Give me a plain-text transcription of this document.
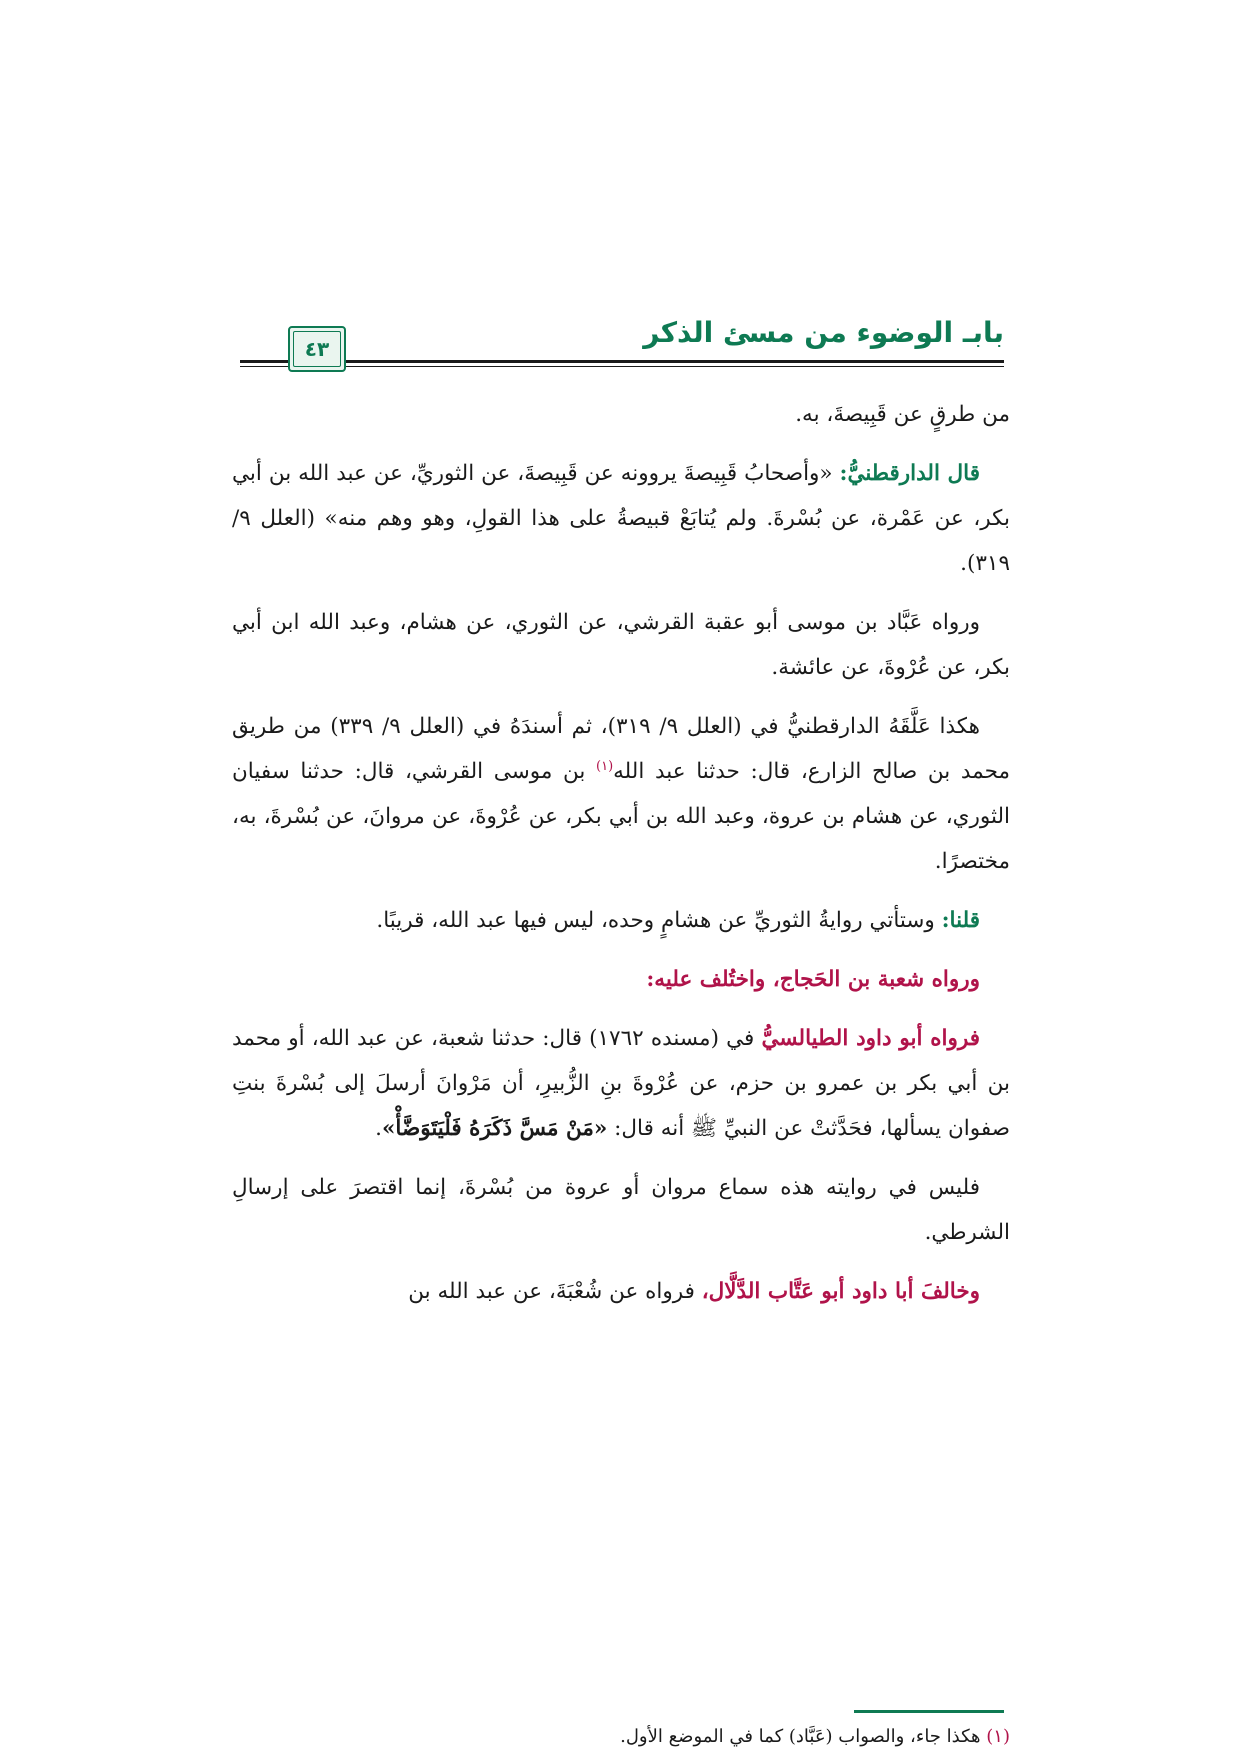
بابـ الوضوء من مسئ الذكر
٤٣

من طرقٍ عن قَبِيصةَ، به.

قال الدارقطنيُّ: «وأصحابُ قَبِيصةَ يروونه عن قَبِيصةَ، عن الثوريِّ، عن عبد الله بن أبي بكر، عن عَمْرة، عن بُسْرةَ. ولم يُتابَعْ قبيصةُ على هذا القولِ، وهو وهم منه» (العلل ٩/ ٣١٩).

ورواه عَبَّاد بن موسى أبو عقبة القرشي، عن الثوري، عن هشام، وعبد الله ابن أبي بكر، عن عُرْوةَ، عن عائشة.

هكذا عَلَّقَهُ الدارقطنيُّ في (العلل ٩/ ٣١٩)، ثم أسندَهُ في (العلل ٩/ ٣٣٩) من طريق محمد بن صالح الزارع، قال: حدثنا عبد الله$^{(١)}$ بن موسى القرشي، قال: حدثنا سفيان الثوري، عن هشام بن عروة، وعبد الله بن أبي بكر، عن عُرْوةَ، عن مروانَ، عن بُسْرةَ، به، مختصرًا.

قلنا: وستأتي روايةُ الثوريِّ عن هشامٍ وحده، ليس فيها عبد الله، قريبًا.

ورواه شعبة بن الحَجاج، واختُلف عليه:

فرواه أبو داود الطيالسيُّ في (مسنده ١٧٦٢) قال: حدثنا شعبة، عن عبد الله، أو محمد بن أبي بكر بن عمرو بن حزم، عن عُرْوةَ بنِ الزُّبيرِ، أن مَرْوانَ أرسلَ إلى بُسْرةَ بنتِ صفوان يسألها، فحَدَّثتْ عن النبيِّ ﷺ أنه قال: «مَنْ مَسَّ ذَكَرَهُ فَلْيَتَوَضَّأْ».

فليس في روايته هذه سماع مروان أو عروة من بُسْرةَ، إنما اقتصرَ على إرسالِ الشرطي.

وخالفَ أبا داود أبو عَتَّاب الدَّلَّال، فرواه عن شُعْبَةَ، عن عبد الله بن

(١) هكذا جاء، والصواب (عَبَّاد) كما في الموضع الأول.
